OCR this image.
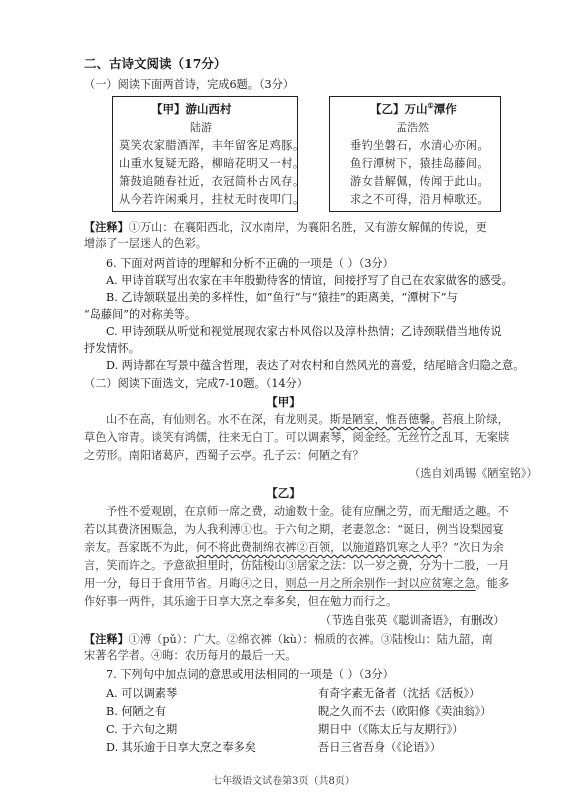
二、古诗文阅读（17分）
（一）阅读下面两首诗，完成6题。（3分）
【甲】游山西村
陆游
莫笑农家腊酒浑，丰年留客足鸡豚。
山重水复疑无路，柳暗花明又一村。
箫鼓追随春社近，衣冠简朴古风存。
从今若许闲乘月，拄杖无时夜叩门。
【乙】万山①潭作
孟浩然
垂钓坐磐石，水清心亦闲。
鱼行潭树下，猿挂岛藤间。
游女昔解佩，传闻于此山。
求之不可得，沿月棹歌还。
【注释】①万山：在襄阳西北，汉水南岸，为襄阳名胜，又有游女解佩的传说，更
增添了一层迷人的色彩。
6. 下面对两首诗的理解和分析不正确的一项是（ ）（3分）
A. 甲诗首联写出农家在丰年殷勤待客的情谊，间接抒写了自己在农家做客的感受。
B. 乙诗颔联显出美的多样性，如“鱼行”与“猿挂”的距离美，“潭树下”与
“岛藤间”的对称美等。
C. 甲诗颈联从听觉和视觉展现农家古朴风俗以及淳朴热情；乙诗颈联借当地传说
抒发情怀。
D. 两诗都在写景中蕴含哲理，表达了对农村和自然风光的喜爱，结尾暗含归隐之意。
（二）阅读下面选文，完成7-10题。（14分）
【甲】
山不在高，有仙则名。水不在深，有龙则灵。斯是陋室，惟吾德馨。苔痕上阶绿，
草色入帘青。谈笑有鸿儒，往来无白丁。可以调素琴，阅金经。无丝竹之乱耳，无案牍
之劳形。南阳诸葛庐，西蜀子云亭。孔子云：何陋之有？
（选自刘禹锡《陋室铭》）
【乙】
予性不爱观剧，在京师一席之费，动逾数十金。徒有应酬之劳，而无酣适之趣。不
若以其费济困赈急，为人我利溥①也。于六旬之期，老妻忽念：“诞日，例当设梨园宴
亲友。吾家既不为此，何不将此费制绵衣裤②百领，以施道路饥寒之人乎？”次日为余
言，笑而许之。予意欲担里时，仿陆梭山③居家之法：以一岁之费，分为十二股，一月
用一分，每日于食用节省。月晦④之日，则总一月之所余别作一封以应贫寒之急。能多
作好事一两件，其乐逾于日享大烹之奉多矣，但在勉力而行之。
（节选自张英《聪训斋语》，有删改）
【注释】①溥（pǔ）：广大。②绵衣裤（kù）：棉质的衣裤。③陆梭山：陆九韶，南
宋著名学者。④晦：农历每月的最后一天。
7. 下列句中加点词的意思或用法相同的一项是（ ）（3分）
A. 可以调素琴	有奇字素无备者（沈括《活板》）
B. 何陋之有	睨之久而不去（欧阳修《卖油翁》）
C. 于六旬之期	期日中（《陈太丘与友期行》）
D. 其乐逾于日享大烹之奉多矣	吾日三省吾身（《论语》）
七年级语文试卷第3页（共8页）
